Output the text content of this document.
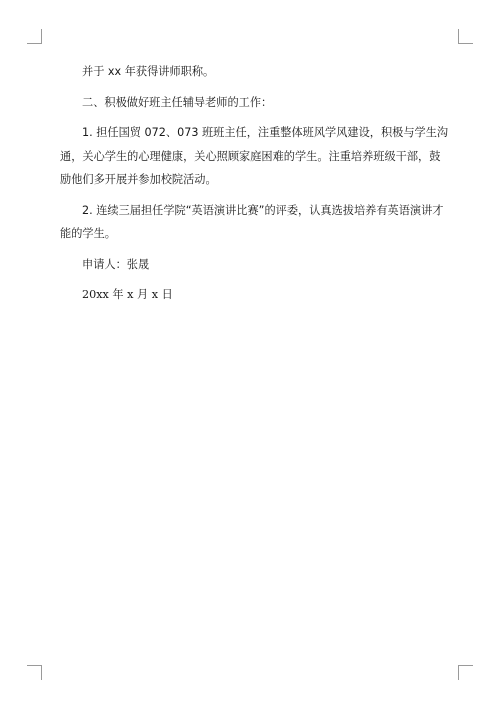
并于 xx 年获得讲师职称。

二、积极做好班主任辅导老师的工作：

1. 担任国贸 072、073 班班主任，注重整体班风学风建设，积极与学生沟通，关心学生的心理健康，关心照顾家庭困难的学生。注重培养班级干部，鼓励他们多开展并参加校院活动。

2. 连续三届担任学院“英语演讲比赛”的评委，认真选拔培养有英语演讲才能的学生。

申请人：张晟

20xx 年 x 月 x 日
